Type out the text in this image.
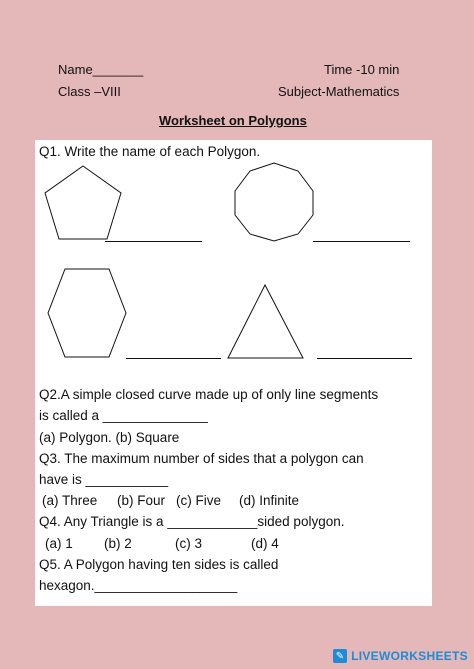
Name_______	Time -10 min
Class –VIII	Subject-Mathematics
Worksheet on Polygons
Q1. Write the name of each Polygon.
Q2.A simple closed curve made up of only line segments
is called a ______________
(a) Polygon. (b) Square
Q3. The maximum number of sides that a polygon can
have is ___________
(a) Three (b) Four (c) Five (d) Infinite
Q4. Any Triangle is a ____________sided polygon.
(a) 1 (b) 2	(c) 3	(d) 4
Q5. A Polygon having ten sides is called
hexagon.___________________
✎ LIVEWORKSHEETS
